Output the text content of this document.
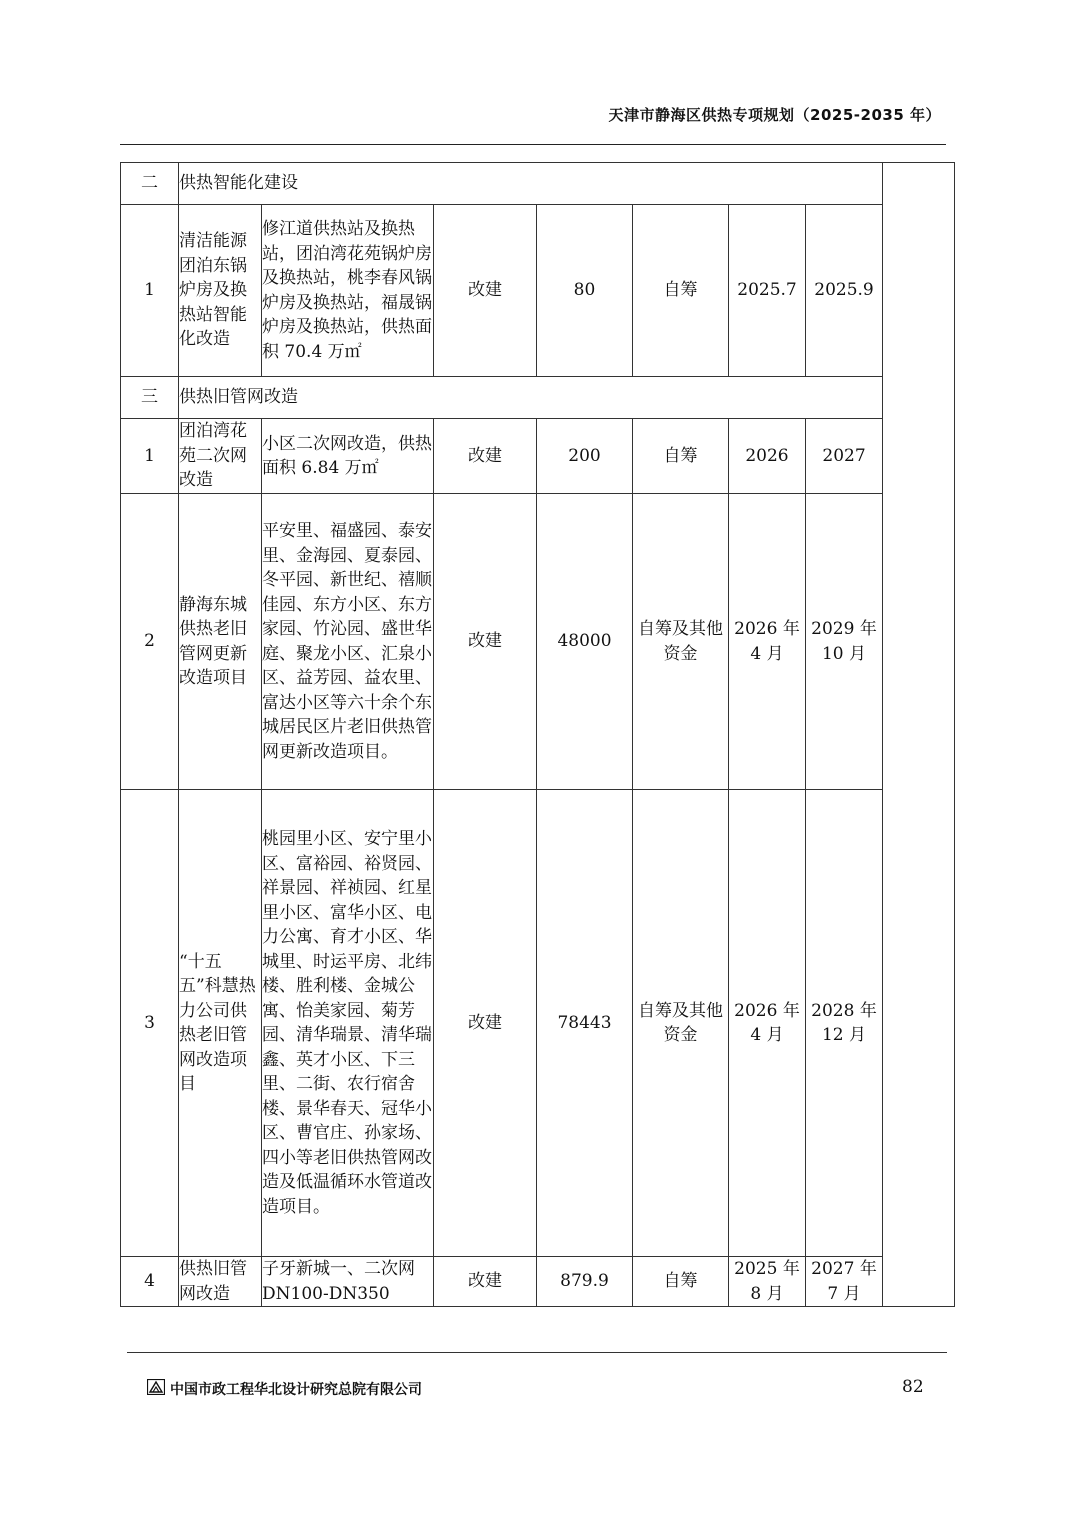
天津市静海区供热专项规划（2025-2035 年）
二	供热智能化建设							
1	清洁能源团泊东锅炉房及换热站智能化改造	修江道供热站及换热站，团泊湾花苑锅炉房及换热站，桃李春风锅炉房及换热站，福晟锅炉房及换热站，供热面积 70.4 万㎡	改建	80	自筹	2025.7	2025.9	
三	供热旧管网改造							
1	团泊湾花苑二次网改造	小区二次网改造，供热面积 6.84 万㎡	改建	200	自筹	2026	2027	
2	静海东城供热老旧管网更新改造项目	平安里、福盛园、泰安里、金海园、夏泰园、冬平园、新世纪、禧顺佳园、东方小区、东方家园、竹沁园、盛世华庭、聚龙小区、汇泉小区、益芳园、益农里、富达小区等六十余个东城居民区片老旧供热管网更新改造项目。	改建	48000	自筹及其他资金	2026 年 4 月	2029 年 10 月	
3	“十五五”科慧热力公司供热老旧管网改造项目	桃园里小区、安宁里小区、富裕园、裕贤园、祥景园、祥祯园、红星里小区、富华小区、电力公寓、育才小区、华城里、时运平房、北纬楼、胜利楼、金城公寓、怡美家园、菊芳园、清华瑞景、清华瑞鑫、英才小区、下三里、二街、农行宿舍楼、景华春天、冠华小区、曹官庄、孙家场、四小等老旧供热管网改造及低温循环水管道改造项目。	改建	78443	自筹及其他资金	2026 年 4 月	2028 年 12 月	
4	供热旧管网改造	子牙新城一、二次网 DN100-DN350	改建	879.9	自筹	2025 年 8 月	2027 年 7 月	
中国市政工程华北设计研究总院有限公司	82
